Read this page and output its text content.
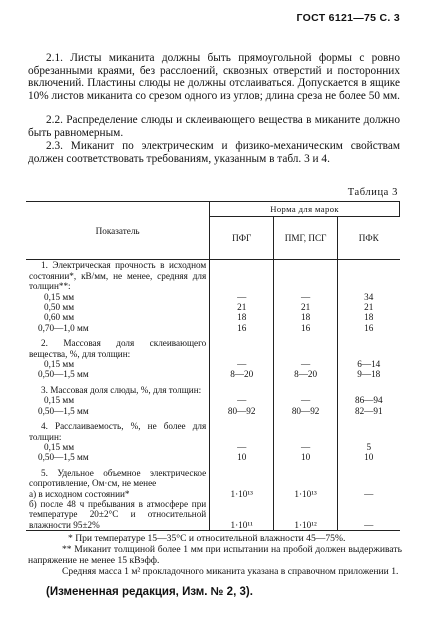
ГОСТ 6121—75 С. 3
2.1. Листы миканита должны быть прямоугольной формы с ровно обрезанными краями, без расслоений, сквозных отверстий и посторонних включений. Пластины слюды не должны отслаиваться. Допускается в ящике 10% листов миканита со срезом одного из углов; длина среза не более 50 мм.
2.2. Распределение слюды и склеивающего вещества в миканите должно быть равномерным.
2.3. Миканит по электрическим и физико-механическим свойствам должен соответствовать требованиям, указанным в табл. 3 и 4.
Таблица 3
Показатель	Норма для марок		
	ПФГ	ПМГ, ПСГ	ПФК
1. Электрическая прочность в исходном состоянии*, кВ/мм, не менее, средняя для толщин**:			
0,15 мм	—	—	34
0,50 мм	21	21	21
0,60 мм	18	18	18
0,70—1,0 мм	16	16	16

2. Массовая доля склеивающего вещества, %, для толщин:			
0,15 мм	—	—	6—14
0,50—1,5 мм	8—20	8—20	9—18

3. Массовая доля слюды, %, для толщин:			
0,15 мм	—	—	86—94
0,50—1,5 мм	80—92	80—92	82—91

4. Расслаиваемость, %, не более для толщин:			
0,15 мм	—	—	5
0,50—1,5 мм	10	10	10

5. Удельное объемное электрическое сопротивление, Ом·см, не менее			
а) в исходном состоянии*	1·10¹³	1·10¹³	—
б) после 48 ч пребывания в атмосфере при температуре 20±2°С и относительной влажности 95±2%	1·10¹¹	1·10¹²	—
* При температуре 15—35°С и относительной влажности 45—75%.
** Миканит толщиной более 1 мм при испытании на пробой должен выдерживать напряжение не менее 15 кВэфф.
Средняя масса 1 м² прокладочного миканита указана в справочном приложении 1.
(Измененная редакция, Изм. № 2, 3).
